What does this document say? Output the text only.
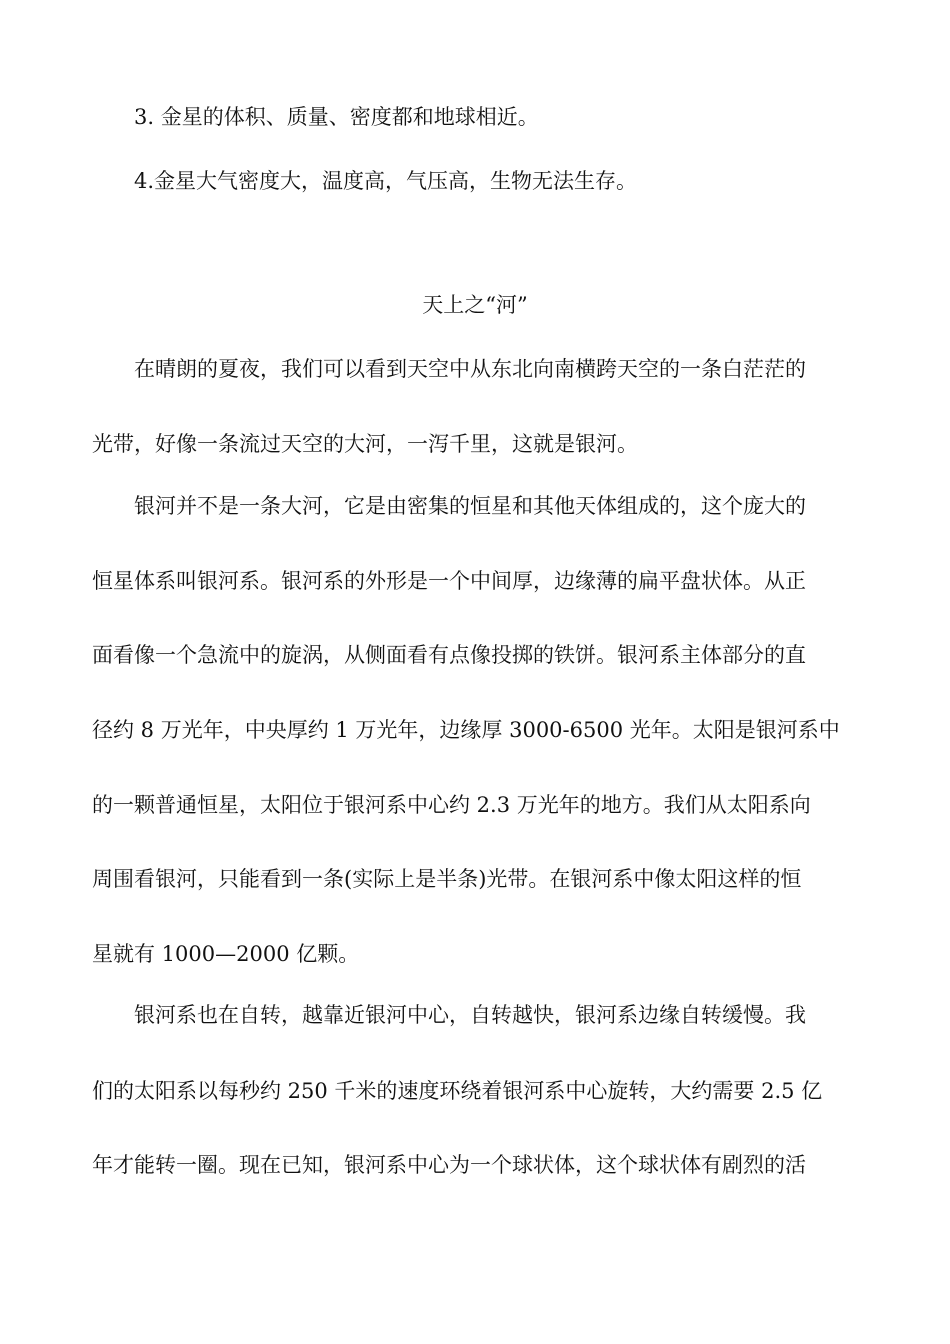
3. 金星的体积、质量、密度都和地球相近。
4.金星大气密度大，温度高，气压高，生物无法生存。
天上之“河”
在晴朗的夏夜，我们可以看到天空中从东北向南横跨天空的一条白茫茫的
光带，好像一条流过天空的大河，一泻千里，这就是银河。
银河并不是一条大河，它是由密集的恒星和其他天体组成的，这个庞大的
恒星体系叫银河系。银河系的外形是一个中间厚，边缘薄的扁平盘状体。从正
面看像一个急流中的旋涡，从侧面看有点像投掷的铁饼。银河系主体部分的直
径约 8 万光年，中央厚约 1 万光年，边缘厚 3000-6500 光年。太阳是银河系中
的一颗普通恒星，太阳位于银河系中心约 2.3 万光年的地方。我们从太阳系向
周围看银河，只能看到一条(实际上是半条)光带。在银河系中像太阳这样的恒
星就有 1000—2000 亿颗。
银河系也在自转，越靠近银河中心，自转越快，银河系边缘自转缓慢。我
们的太阳系以每秒约 250 千米的速度环绕着银河系中心旋转，大约需要 2.5 亿
年才能转一圈。现在已知，银河系中心为一个球状体，这个球状体有剧烈的活
